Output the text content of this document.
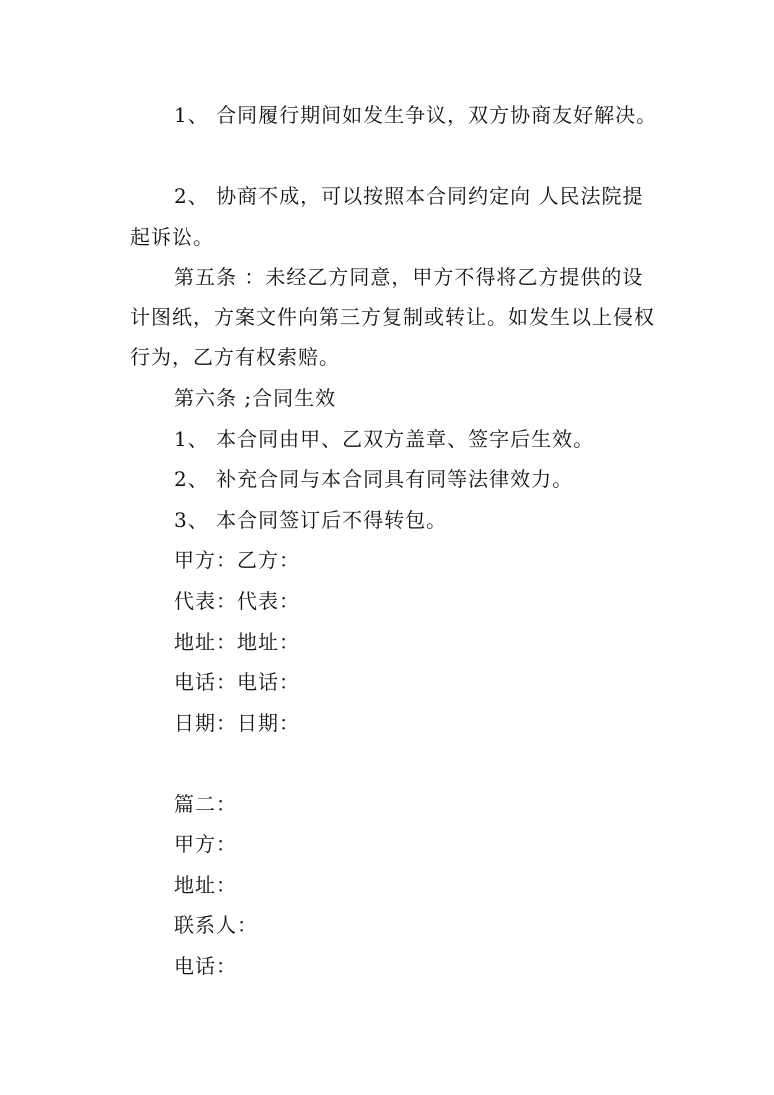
1、 合同履行期间如发生争议，双方协商友好解决。
2、 协商不成，可以按照本合同约定向 人民法院提
起诉讼。
第五条 ：未经乙方同意，甲方不得将乙方提供的设
计图纸，方案文件向第三方复制或转让。如发生以上侵权
行为，乙方有权索赔。
第六条 ;合同生效
1、 本合同由甲、乙双方盖章、签字后生效。
2、 补充合同与本合同具有同等法律效力。
3、 本合同签订后不得转包。
甲方：乙方：
代表：代表：
地址：地址：
电话：电话：
日期：日期：
篇二：
甲方：
地址：
联系人：
电话：
